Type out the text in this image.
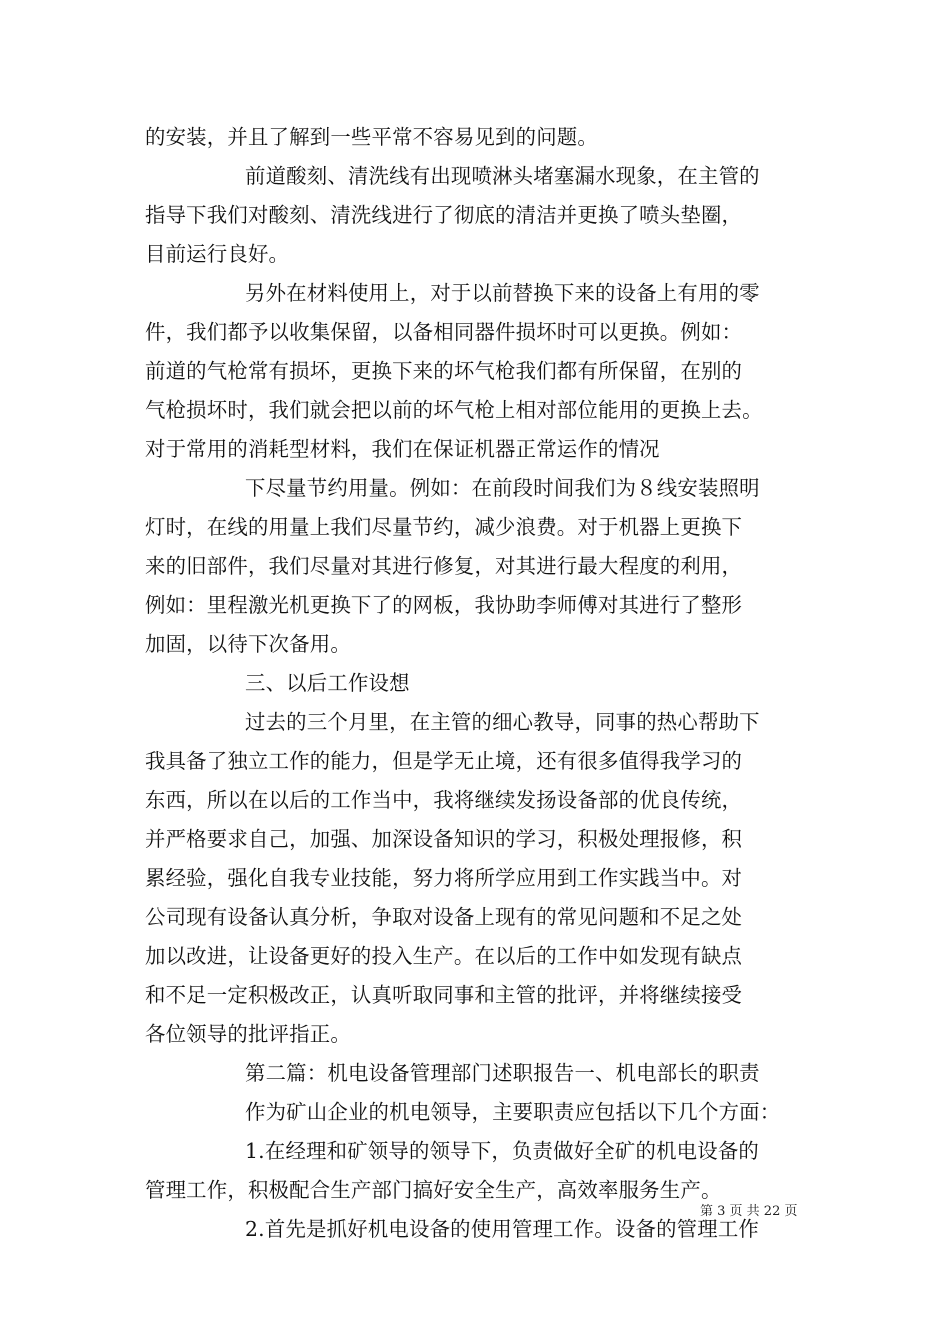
的安装，并且了解到一些平常不容易见到的问题。
前道酸刻、清洗线有出现喷淋头堵塞漏水现象，在主管的
指导下我们对酸刻、清洗线进行了彻底的清洁并更换了喷头垫圈，
目前运行良好。
另外在材料使用上，对于以前替换下来的设备上有用的零
件，我们都予以收集保留，以备相同器件损坏时可以更换。例如：
前道的气枪常有损坏，更换下来的坏气枪我们都有所保留，在别的
气枪损坏时，我们就会把以前的坏气枪上相对部位能用的更换上去。
对于常用的消耗型材料，我们在保证机器正常运作的情况
下尽量节约用量。例如：在前段时间我们为８线安装照明
灯时，在线的用量上我们尽量节约，减少浪费。对于机器上更换下
来的旧部件，我们尽量对其进行修复，对其进行最大程度的利用，
例如：里程激光机更换下了的网板，我协助李师傅对其进行了整形
加固，以待下次备用。
三、以后工作设想
过去的三个月里，在主管的细心教导，同事的热心帮助下
我具备了独立工作的能力，但是学无止境，还有很多值得我学习的
东西，所以在以后的工作当中，我将继续发扬设备部的优良传统，
并严格要求自己，加强、加深设备知识的学习，积极处理报修，积
累经验，强化自我专业技能，努力将所学应用到工作实践当中。对
公司现有设备认真分析，争取对设备上现有的常见问题和不足之处
加以改进，让设备更好的投入生产。在以后的工作中如发现有缺点
和不足一定积极改正，认真听取同事和主管的批评，并将继续接受
各位领导的批评指正。
第二篇：机电设备管理部门述职报告一、机电部长的职责
作为矿山企业的机电领导，主要职责应包括以下几个方面：
1.在经理和矿领导的领导下，负责做好全矿的机电设备的
管理工作，积极配合生产部门搞好安全生产，高效率服务生产。
2.首先是抓好机电设备的使用管理工作。设备的管理工作
第 3 页 共 22 页
